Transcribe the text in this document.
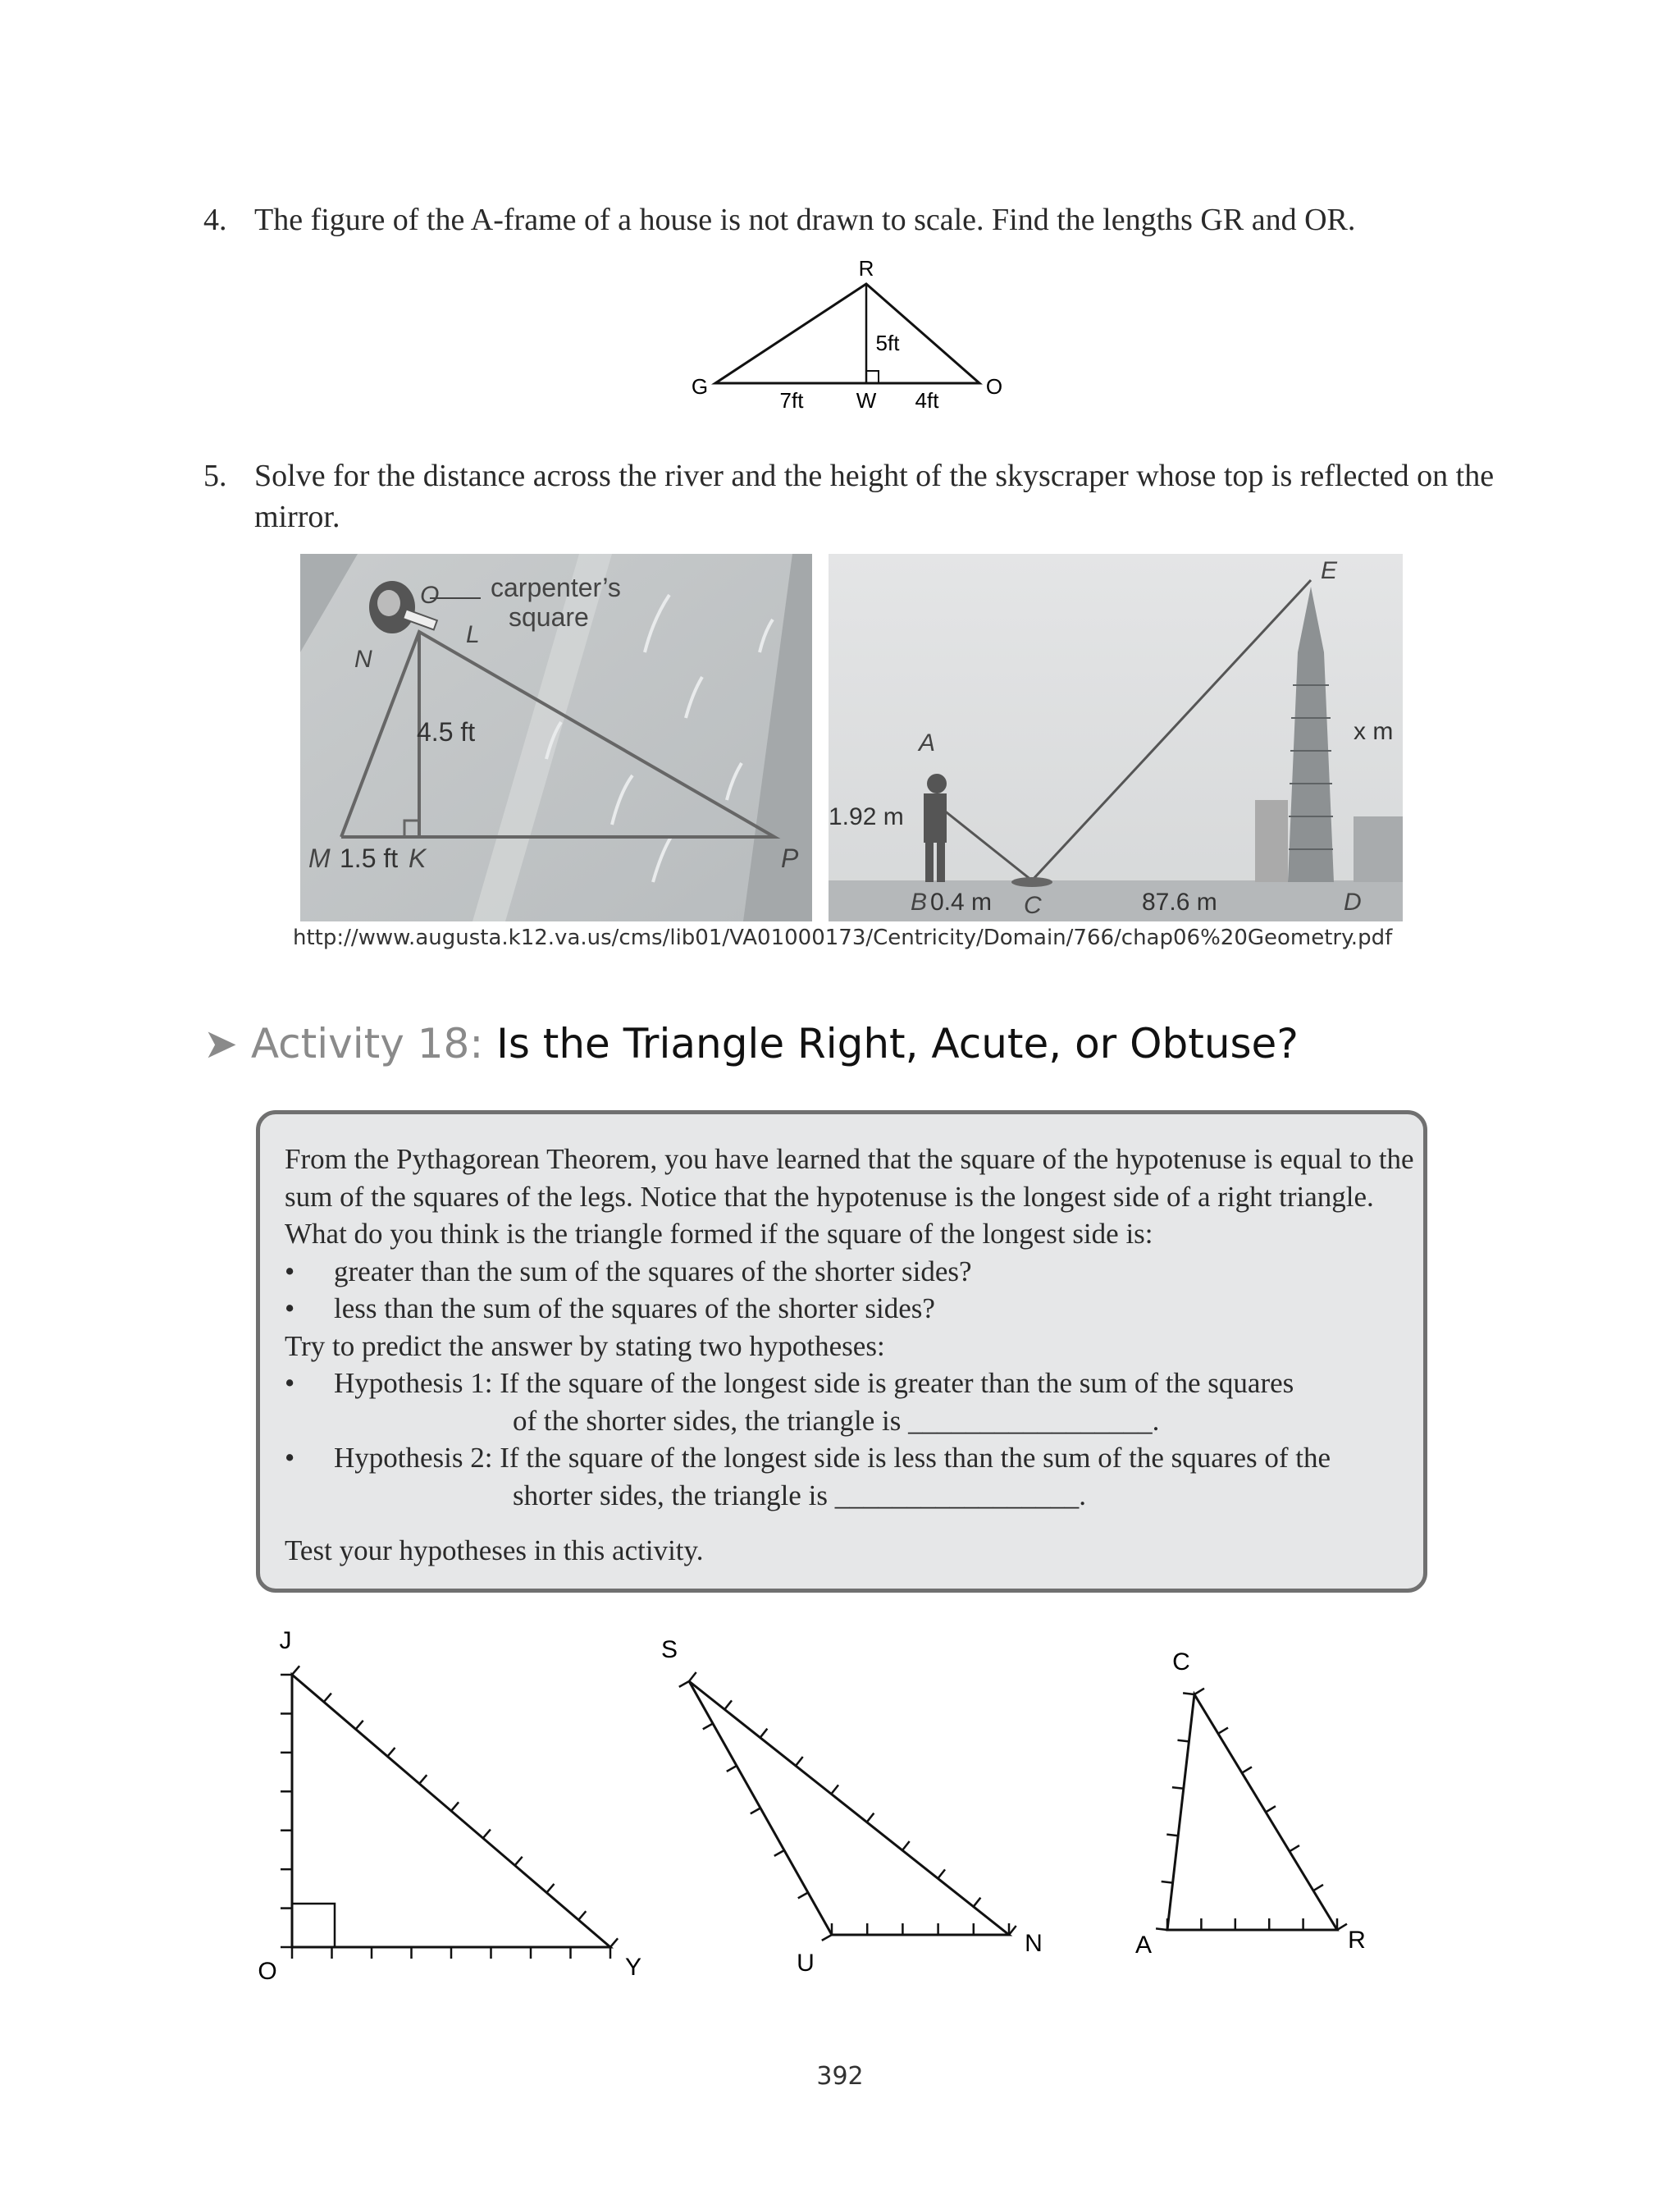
4. The figure of the A-frame of a house is not drawn to scale. Find the lengths GR and OR.
R
G	O
W
5ft
7ft	4ft
5. Solve for the distance across the river and the height of the skyscraper whose top is reflected on the mirror.
carpenter’s
square
O
L
N
4.5 ft
M 1.5 ft K	P
E
A
1.92 m
B 0.4 m C	87.6 m	D
x m
http://www.augusta.k12.va.us/cms/lib01/VA01000173/Centricity/Domain/766/chap06%20Geometry.pdf
➤ Activity 18: Is the Triangle Right, Acute, or Obtuse?

From the Pythagorean Theorem, you have learned that the square of the hypotenuse is equal to the sum of the squares of the legs. Notice that the hypotenuse is the longest side of a right triangle. What do you think is the triangle formed if the square of the longest side is:

• greater than the sum of the squares of the shorter sides?

• less than the sum of the squares of the shorter sides?

Try to predict the answer by stating two hypotheses:

• Hypothesis 1: If the square of the longest side is greater than the sum of the squares

of the shorter sides, the triangle is _________________.

• Hypothesis 2: If the square of the longest side is less than the sum of the squares of the

shorter sides, the triangle is _________________.

Test your hypotheses in this activity.

J
O	Y
S
U
N
C
A	R
392
